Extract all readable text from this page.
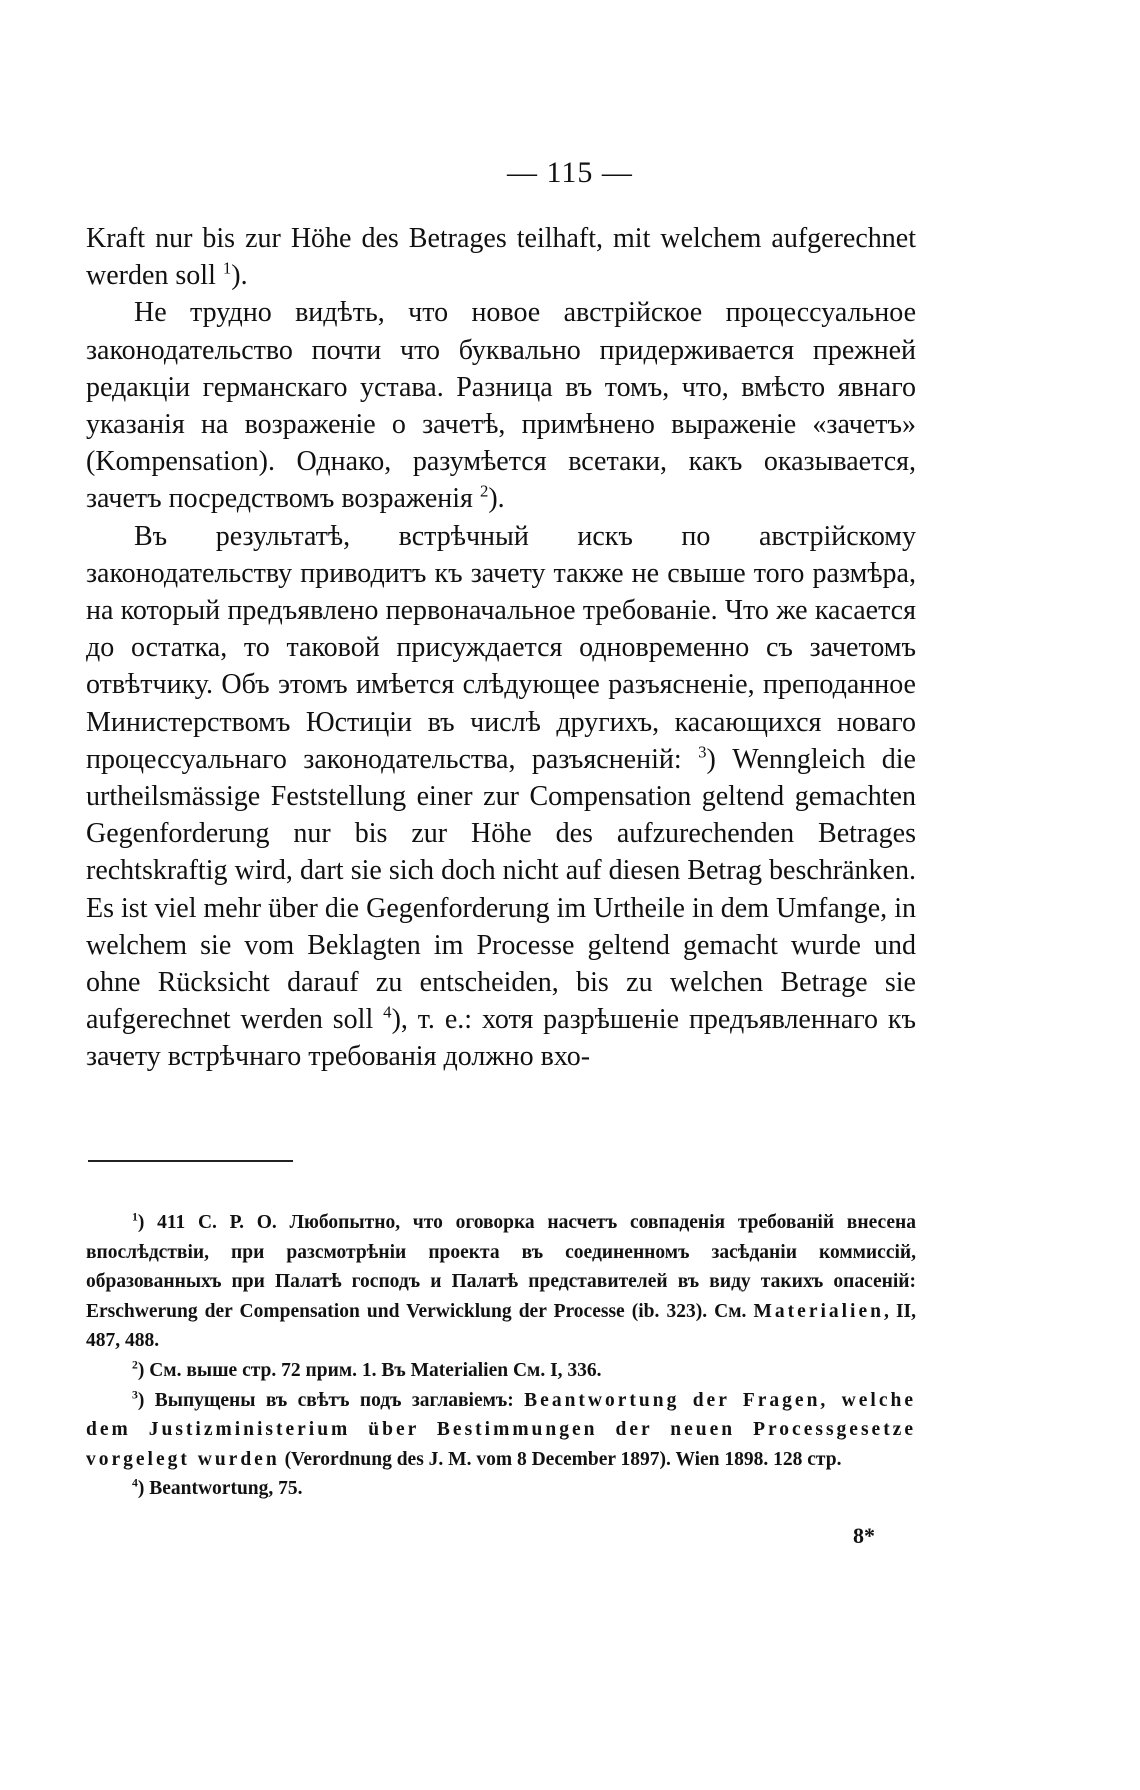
— 115 —

Kraft nur bis zur Höhe des Betrages teilhaft, mit welchem aufgerechnet werden soll $^1$).

Не трудно видѣть, что новое австрійское процессуальное законодательство почти что буквально придерживается прежней редакціи германскаго устава. Разница въ томъ, что, вмѣсто явнаго указанія на возраженіе о зачетѣ, примѣнено выраженіе «зачетъ» (Kompensation). Однако, разумѣется всетаки, какъ оказывается, зачетъ посредствомъ возраженія $^2$).

Въ результатѣ, встрѣчный искъ по австрійскому законодательству приводитъ къ зачету также не свыше того размѣра, на который предъявлено первоначальное требованіе. Что же касается до остатка, то таковой присуждается одновременно съ зачетомъ отвѣтчику. Объ этомъ имѣется слѣдующее разъясненіе, преподанное Министерствомъ Юстиціи въ числѣ другихъ, касающихся новаго процессуальнаго законодательства, разъясненій: $^3$) Wenngleich die urtheilsmässige Feststellung einer zur Compensation geltend gemachten Gegenforderung nur bis zur Höhe des aufzurechenden Betrages rechtskraftig wird, dart sie sich doch nicht auf diesen Betrag beschränken. Es ist viel mehr über die Gegenforderung im Urtheile in dem Umfange, in welchem sie vom Beklagten im Processe geltend gemacht wurde und ohne Rücksicht darauf zu entscheiden, bis zu welchen Betrage sie aufgerechnet werden soll $^4$), т. е.: хотя разрѣшеніе предъявленнаго къ зачету встрѣчнаго требованія должно вхо-

$^1$) 411 С. Р. О. Любопытно, что оговорка насчетъ совпаденія требованій внесена впослѣдствіи, при разсмотрѣніи проекта въ соединенномъ засѣданіи коммиссій, образованныхъ при Палатѣ господъ и Палатѣ представителей въ виду такихъ опасеній: Erschwerung der Compensation und Verwicklung der Processe (ib. 323). См. Materialien, II, 487, 488.

$^2$) См. выше стр. 72 прим. 1. Въ Materialien См. I, 336.

$^3$) Выпущены въ свѣтъ подъ заглавіемъ: Beantwortung der Fragen, welche dem Justizministerium über Bestimmungen der neuen Processgesetze vorgelegt wurden (Verordnung des J. M. vom 8 December 1897). Wien 1898. 128 стр.

$^4$) Beantwortung, 75.

8*
